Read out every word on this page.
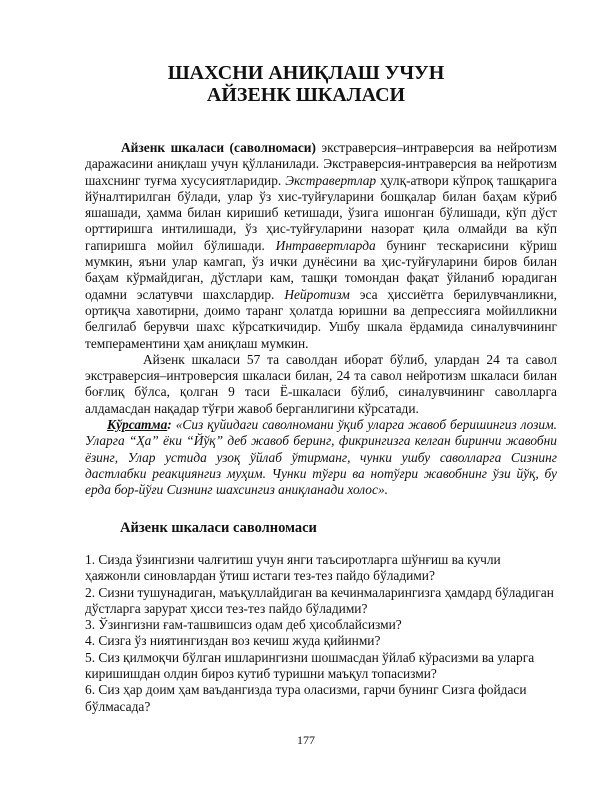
ШАХСНИ АНИҚЛАШ УЧУН
АЙЗЕНК ШКАЛАСИ

Айзенк шкаласи (саволномаси) экстраверсия–интраверсия ва нейротизм даражасини аниқлаш учун қўлланилади. Экстраверсия-интраверсия ва нейротизм шахснинг туғма хусусиятларидир. Экстравертлар ҳулқ-атвори кўпроқ ташқарига йўналтирилган бўлади, улар ўз хис-туйғуларини бошқалар билан баҳам кўриб яшашади, ҳамма билан киришиб кетишади, ўзига ишонган бўлишади, кўп дўст орттиришга интилишади, ўз ҳис-туйғуларини назорат қила олмайди ва кўп гапиришга мойил бўлишади. Интравертларда бунинг тескарисини кўриш мумкин, яъни улар камгап, ўз ички дунёсини ва ҳис-туйғуларини биров билан баҳам кўрмайдиган, дўстлари кам, ташқи томондан фақат ўйланиб юрадиган одамни эслатувчи шахслардир. Нейротизм эса ҳиссиётга берилувчанликни, ортиқча хавотирни, доимо таранг ҳолатда юришни ва депрессияга мойилликни белгилаб берувчи шахс кўрсаткичидир. Ушбу шкала ёрдамида синалувчининг темпераментини ҳам аниқлаш мумкин.

Айзенк шкаласи 57 та саволдан иборат бўлиб, улардан 24 та савол экстраверсия–интроверсия шкаласи билан, 24 та савол нейротизм шкаласи билан боғлиқ бўлса, қолган 9 таси Ё-шкаласи бўлиб, синалувчининг саволларга алдамасдан нақадар тўғри жавоб берганлигини кўрсатади.

Кўрсатма: «Сиз қуйидаги саволномани ўқиб уларга жавоб беришингиз лозим. Уларга “Ҳа” ёки “Йўқ” деб жавоб беринг, фикрингизга келган биринчи жавобни ёзинг, Улар устида узоқ ўйлаб ўтирманг, чунки ушбу саволларга Сизнинг дастлабки реакциянгиз муҳим. Чунки тўғри ва нотўғри жавобнинг ўзи йўқ, бу ерда бор-йўғи Сизнинг шахсингиз аниқланади холос».

Айзенк шкаласи саволномаси
1. Сизда ўзингизни чалғитиш учун янги таъсиротларга шўнғиш ва кучли ҳаяжонли синовлардан ўтиш истаги тез-тез пайдо бўладими?
2. Сизни тушунадиган, маъқуллайдиган ва кечинмаларингизга ҳамдард бўладиган дўстларга зарурат ҳисси тез-тез пайдо бўладими?
3. Ўзингизни ғам-ташвишсиз одам деб ҳисоблайсизми?
4. Сизга ўз ниятингиздан воз кечиш жуда қийинми?
5. Сиз қилмоқчи бўлган ишларингизни шошмасдан ўйлаб кўрасизми ва уларга киришишдан олдин бироз кутиб туришни маъқул топасизми?
6. Сиз ҳар доим ҳам ваъдангизда тура оласизми, гарчи бунинг Сизга фойдаси бўлмасада?
177
